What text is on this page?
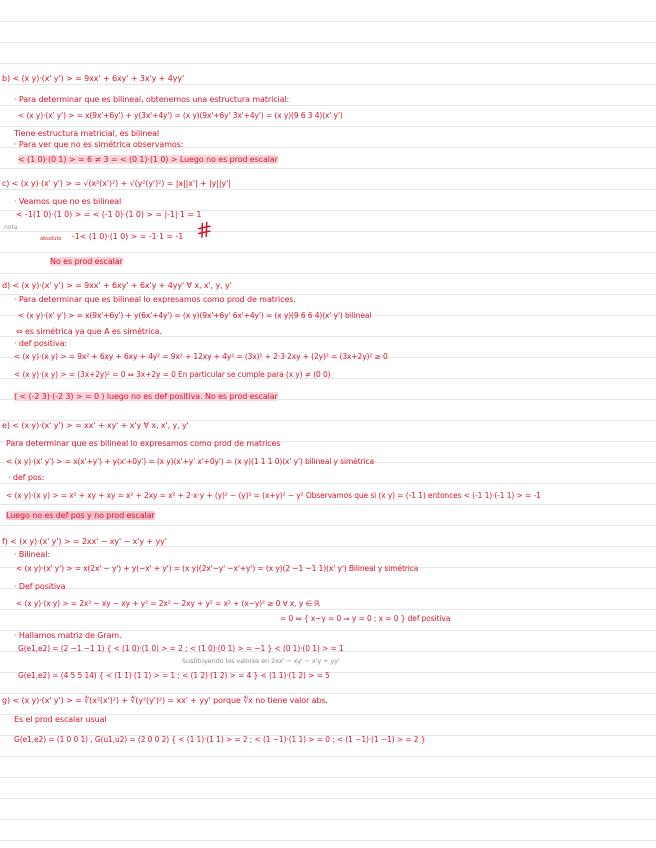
b) < (x y)·(x' y') > = 9xx' + 6xy' + 3x'y + 4yy'
· Para determinar que es bilineal, obtenemos una estructura matricial:
< (x y)·(x' y') > = x(9x'+6y') + y(3x'+4y') = (x y)(9x'+6y' 3x'+4y') = (x y)(9 6 3 4)(x' y')
Tiene estructura matricial, es bilineal
· Para ver que no es simétrica observamos:
< (1 0)·(0 1) > = 6 ≠ 3 = < (0 1)·(1 0) > Luego no es prod escalar
c) < (x y)·(x' y') > = √(x²(x')²) + √(y²(y')²) = |x||x'| + |y||y'|
· Veamos que no es bilineal
< -1(1 0)·(1 0) > = < (-1 0)·(1 0) > = |-1|·1 = 1
-1< (1 0)·(1 0) > = -1·1 = -1
No es prod escalar
#
nota
absoluto
d) < (x y)·(x' y') > = 9xx' + 6xy' + 6x'y + 4yy' ∀ x, x', y, y'
· Para determinar que es bilineal lo expresamos como prod de matrices.
< (x y)·(x' y') > = x(9x'+6y') + y(6x'+4y') = (x y)(9x'+6y' 6x'+4y') = (x y)(9 6 6 4)(x' y') bilineal
⇔ es simétrica ya que A es simétrica.
· def positiva:
< (x y)·(x y) > = 9x² + 6xy + 6xy + 4y² = 9x² + 12xy + 4y² = (3x)² + 2·3·2xy + (2y)² = (3x+2y)² ≥ 0
< (x y)·(x y) > = (3x+2y)² = 0 ⇔ 3x+2y = 0 En particular se cumple para (x y) ≠ (0 0)
( < (-2 3)·(-2 3) > = 0 ) luego no es def positiva. No es prod escalar
e) < (x y)·(x' y') > = xx' + xy' + x'y ∀ x, x', y, y'
Para determinar que es bilineal lo expresamos como prod de matrices
< (x y)·(x' y') > = x(x'+y') + y(x'+0y') = (x y)(x'+y' x'+0y') = (x y)(1 1 1 0)(x' y') bilineal y simétrica
· def pos:
< (x y)·(x y) > = x² + xy + xy = x² + 2xy = x² + 2·x·y + (y)² − (y)² = (x+y)² − y² Observamos que si (x y) = (-1 1) entonces < (-1 1)·(-1 1) > = -1
Luego no es def pos y no prod escalar
f) < (x y)·(x' y') > = 2xx' − xy' − x'y + yy'
· Bilineal:
< (x y)·(x' y') > = x(2x' − y') + y(−x' + y') = (x y)(2x'−y' −x'+y') = (x y)(2 −1 −1 1)(x' y') Bilineal y simétrica
· Def positiva
< (x y)·(x y) > = 2x² − xy − xy + y² = 2x² − 2xy + y² = x² + (x−y)² ≥ 0 ∀ x, y ∈ ℝ
= 0 ⇔ { x−y = 0 ⇒ y = 0 ; x = 0 } def positiva
· Hallamos matriz de Gram.
G(e1,e2) = (2 −1 −1 1) { < (1 0)·(1 0) > = 2 ; < (1 0)·(0 1) > = −1 } < (0 1)·(0 1) > = 1
Sustituyendo los valores en 2xx' − xy' − x'y + yy'
G(e1,e2) = (4 5 5 14) { < (1 1)·(1 1) > = 1 ; < (1 2)·(1 2) > = 4 } < (1 1)·(1 2) > = 5
g) < (x y)·(x' y') > = ∜(x²(x')²) + ∜(y²(y')²) = xx' + yy' porque ∜x no tiene valor abs.
Es el prod escalar usual
G(e1,e2) = (1 0 0 1) , G(u1,u2) = (2 0 0 2) { < (1 1)·(1 1) > = 2 ; < (1 −1)·(1 1) > = 0 ; < (1 −1)·(1 −1) > = 2 }
